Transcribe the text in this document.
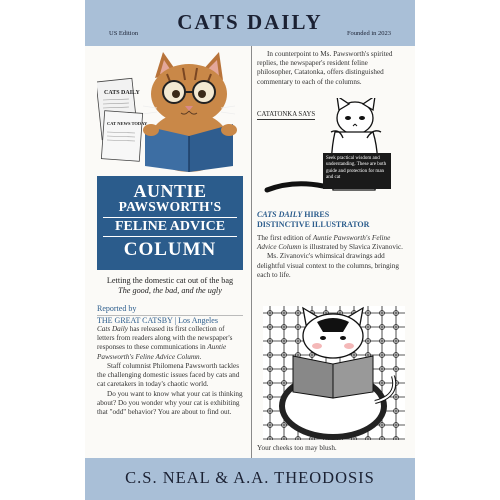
CATS DAILY
US Edition	Founded in 2023
CATS DAILY
CAT NEWS TODAY
AUNTIE
PAWSWORTH'S
FELINE ADVICE
COLUMN
Letting the domestic cat out of the bag
The good, the bad, and the ugly
Reported by
THE GREAT CATSBY | Los Angeles

Cats Daily has released its first collection of letters from readers along with the newspaper's responses to these communications in Auntie Pawsworth's Feline Advice Column.

Staff columnist Philomena Pawsworth tackles the challenging domestic issues faced by cats and cat caretakers in today's chaotic world.

Do you want to know what your cat is thinking about? Do you wonder why your cat is exhibiting that "odd" behavior? You are about to find out.

In counterpoint to Ms. Pawsworth's spirited replies, the newspaper's resident feline philosopher, Catatonka, offers distinguished commentary to each of the columns.
CATATONKA SAYS
Seek practical wisdom and understanding. These are both guide and protection for man and cat
CATS DAILY HIRES
DISTINCTIVE ILLUSTRATOR

The first edition of Auntie Pawsworth's Feline Advice Column is illustrated by Slavica Zivanovic.

Ms. Zivanovic's whimsical drawings add delightful visual context to the columns, bringing each to life.

Your cheeks too may blush.
C.S. NEAL & A.A. THEODOSIS
